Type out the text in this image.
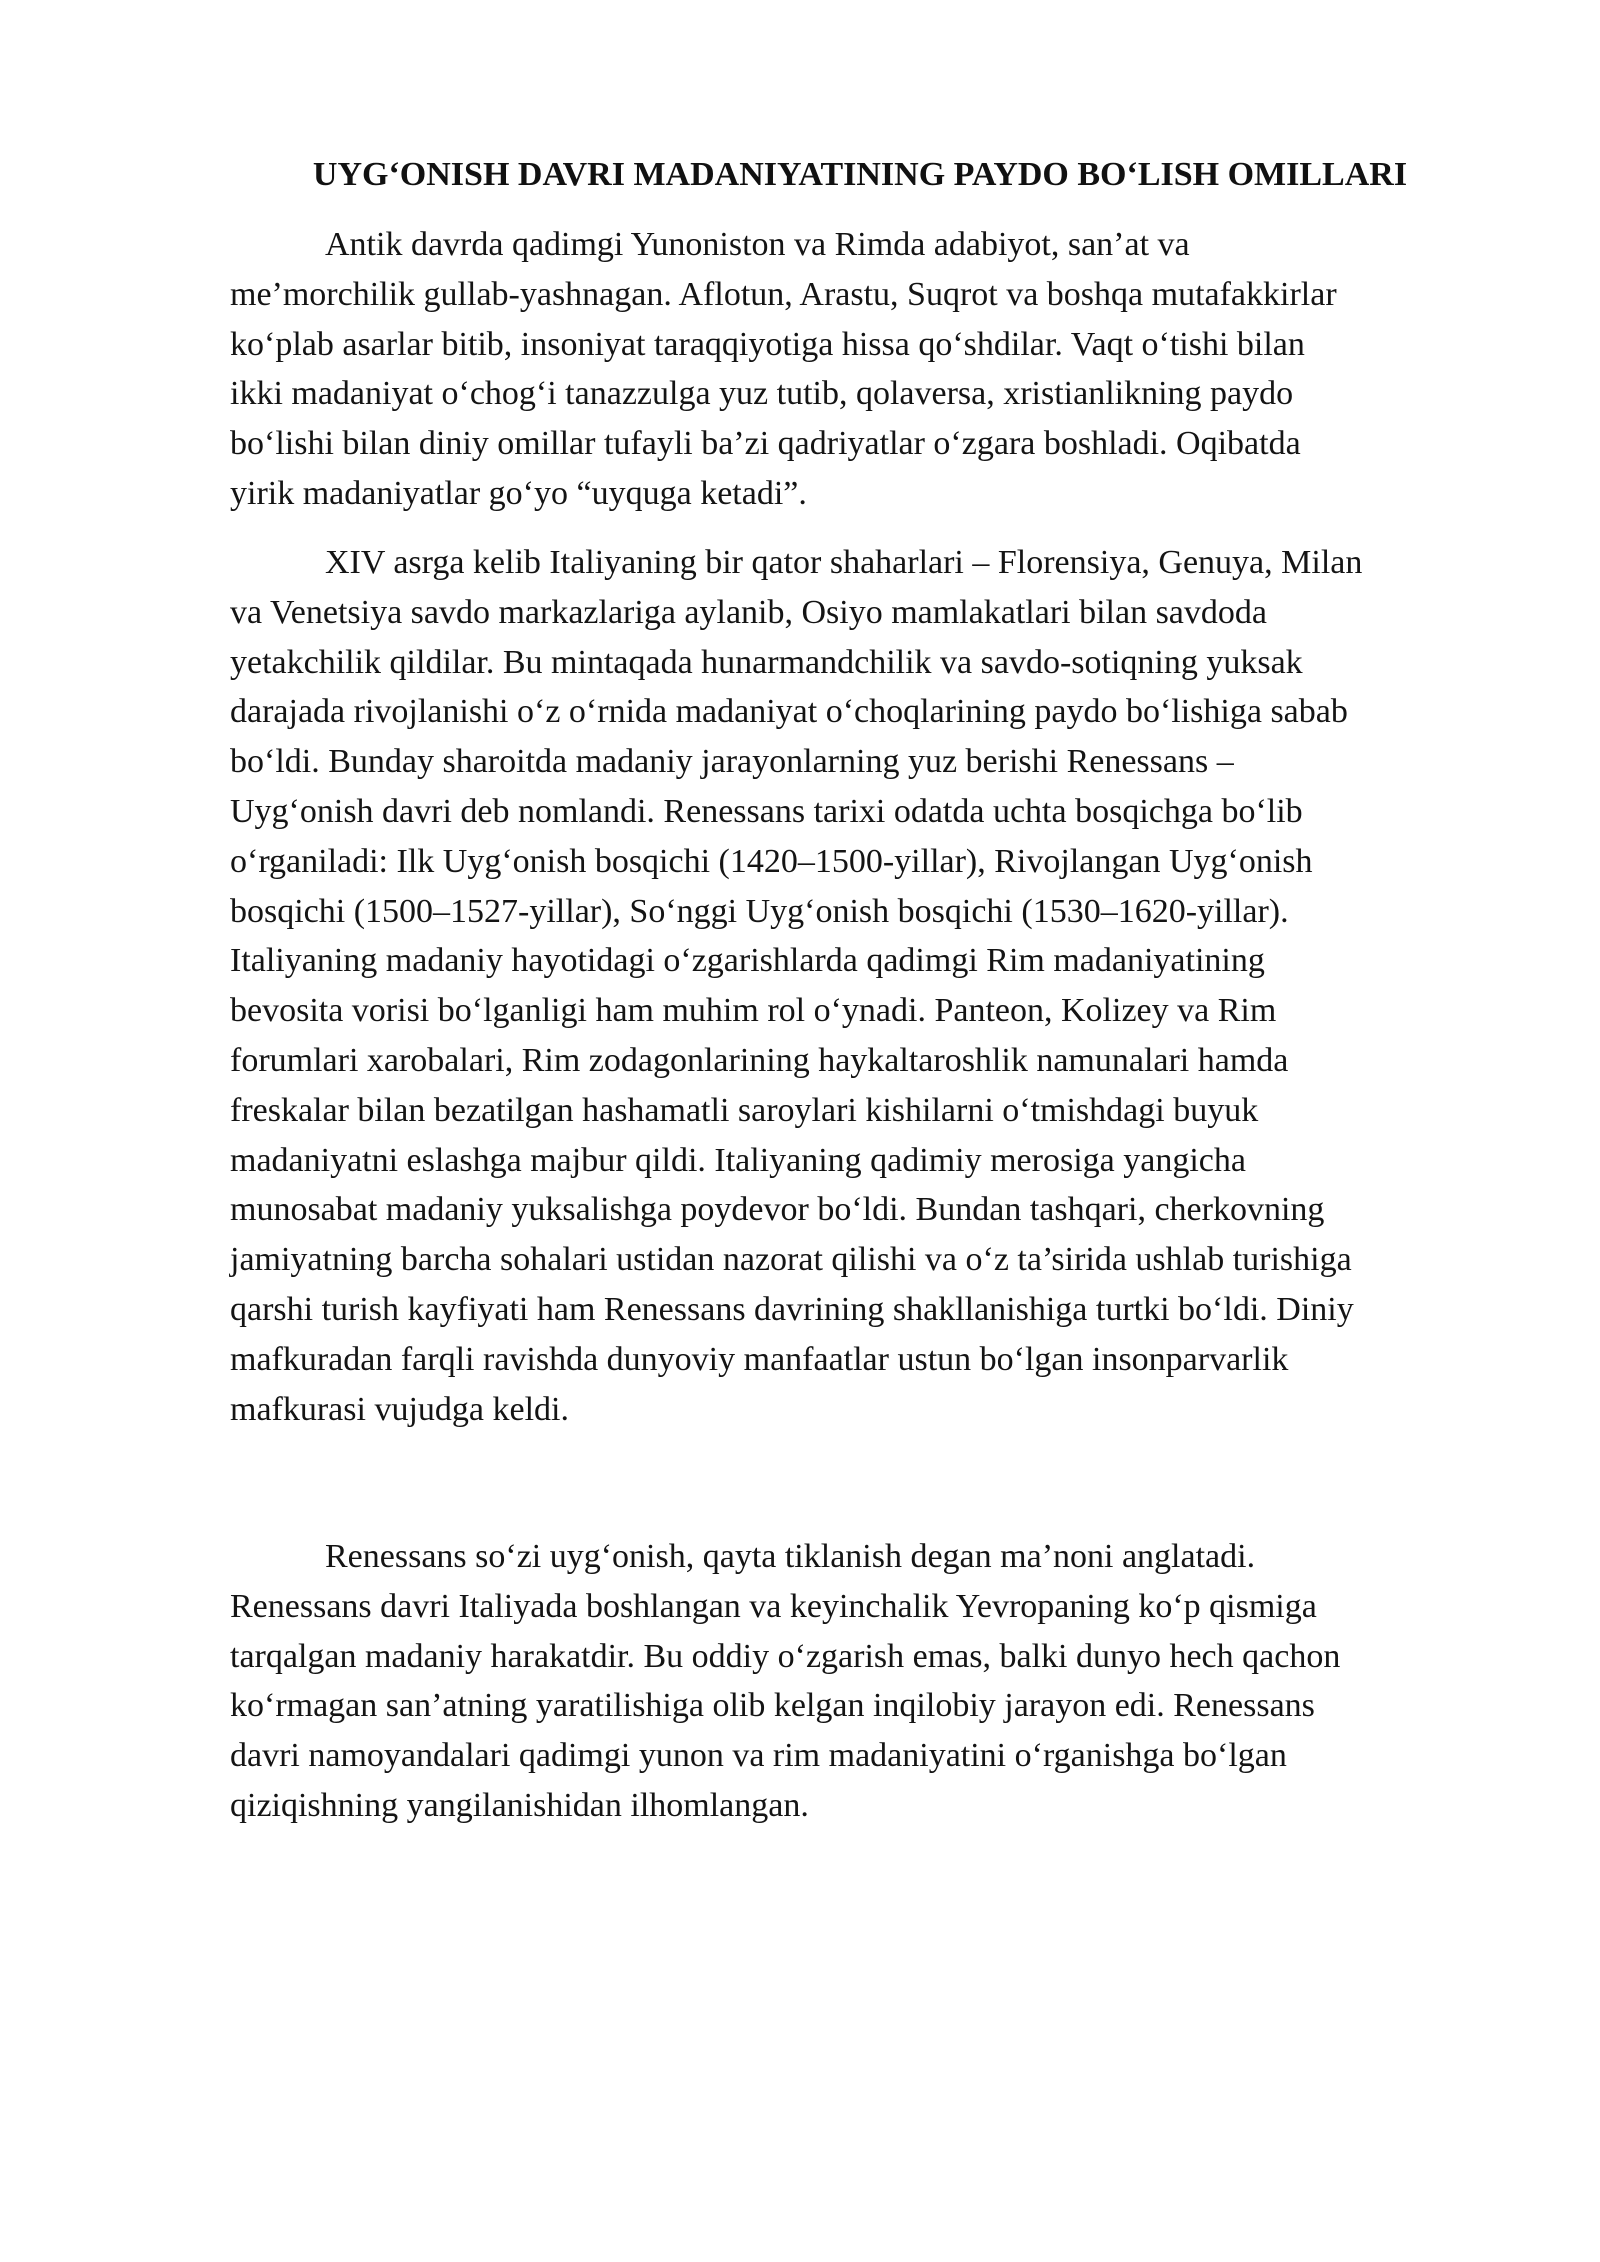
UYG‘ONISH DAVRI MADANIYATINING PAYDO BO‘LISH OMILLARI
Antik davrda qadimgi Yunoniston va Rimda adabiyot, san’at va
me’morchilik gullab-yashnagan. Aflotun, Arastu, Suqrot va boshqa mutafakkirlar
ko‘plab asarlar bitib, insoniyat taraqqiyotiga hissa qo‘shdilar. Vaqt o‘tishi bilan
ikki madaniyat o‘chog‘i tanazzulga yuz tutib, qolaversa, xristianlikning paydo
bo‘lishi bilan diniy omillar tufayli ba’zi qadriyatlar o‘zgara boshladi. Oqibatda
yirik madaniyatlar go‘yo “uyquga ketadi”.
XIV asrga kelib Italiyaning bir qator shaharlari – Florensiya, Genuya, Milan
va Venetsiya savdo markazlariga aylanib, Osiyo mamlakatlari bilan savdoda
yetakchilik qildilar. Bu mintaqada hunarmandchilik va savdo-sotiqning yuksak
darajada rivojlanishi o‘z o‘rnida madaniyat o‘choqlarining paydo bo‘lishiga sabab
bo‘ldi. Bunday sharoitda madaniy jarayonlarning yuz berishi Renessans –
Uyg‘onish davri deb nomlandi. Renessans tarixi odatda uchta bosqichga bo‘lib
o‘rganiladi: Ilk Uyg‘onish bosqichi (1420–1500-yillar), Rivojlangan Uyg‘onish
bosqichi (1500–1527-yillar), So‘nggi Uyg‘onish bosqichi (1530–1620-yillar).
Italiyaning madaniy hayotidagi o‘zgarishlarda qadimgi Rim madaniyatining
bevosita vorisi bo‘lganligi ham muhim rol o‘ynadi. Panteon, Kolizey va Rim
forumlari xarobalari, Rim zodagonlarining haykaltaroshlik namunalari hamda
freskalar bilan bezatilgan hashamatli saroylari kishilarni o‘tmishdagi buyuk
madaniyatni eslashga majbur qildi. Italiyaning qadimiy merosiga yangicha
munosabat madaniy yuksalishga poydevor bo‘ldi. Bundan tashqari, cherkovning
jamiyatning barcha sohalari ustidan nazorat qilishi va o‘z ta’sirida ushlab turishiga
qarshi turish kayfiyati ham Renessans davrining shakllanishiga turtki bo‘ldi. Diniy
mafkuradan farqli ravishda dunyoviy manfaatlar ustun bo‘lgan insonparvarlik
mafkurasi vujudga keldi.
Renessans so‘zi uyg‘onish, qayta tiklanish degan ma’noni anglatadi.
Renessans davri Italiyada boshlangan va keyinchalik Yevropaning ko‘p qismiga
tarqalgan madaniy harakatdir. Bu oddiy o‘zgarish emas, balki dunyo hech qachon
ko‘rmagan san’atning yaratilishiga olib kelgan inqilobiy jarayon edi. Renessans
davri namoyandalari qadimgi yunon va rim madaniyatini o‘rganishga bo‘lgan
qiziqishning yangilanishidan ilhomlangan.
